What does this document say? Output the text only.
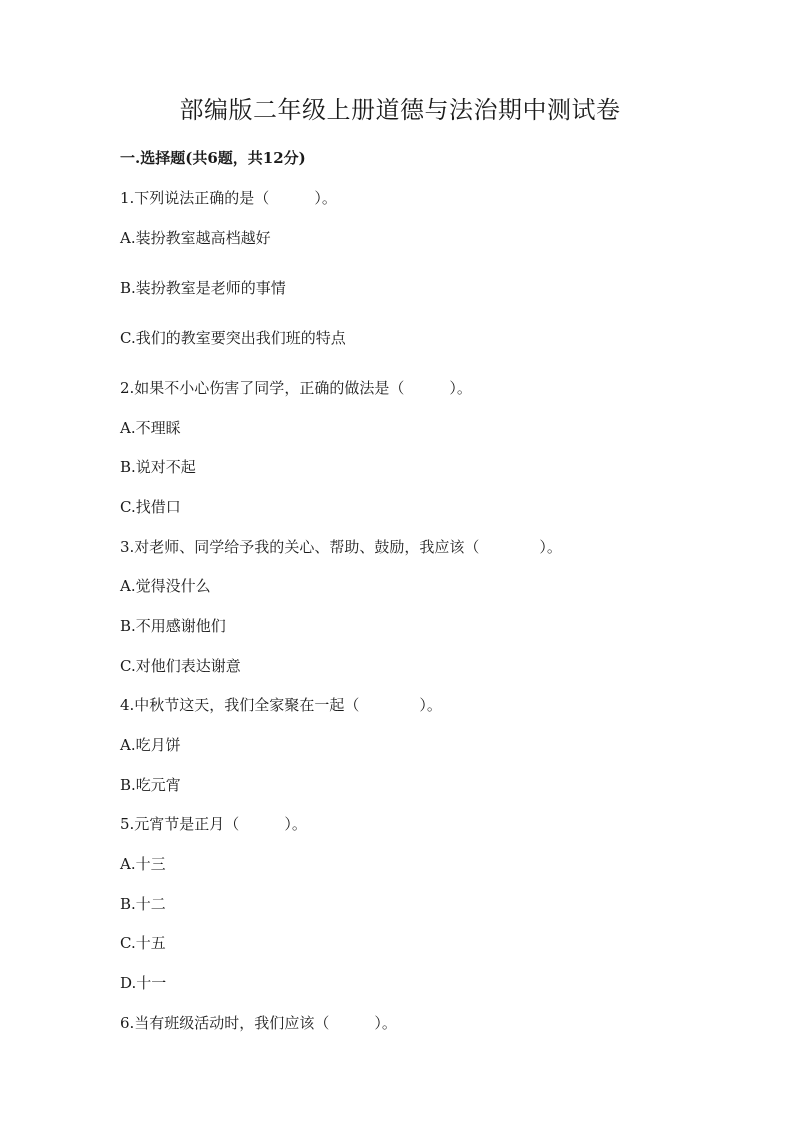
部编版二年级上册道德与法治期中测试卷
一.选择题(共6题，共12分)
1.下列说法正确的是（　　　）。
A.装扮教室越高档越好
B.装扮教室是老师的事情
C.我们的教室要突出我们班的特点
2.如果不小心伤害了同学，正确的做法是（　　　）。
A.不理睬
B.说对不起
C.找借口
3.对老师、同学给予我的关心、帮助、鼓励，我应该（　　　　）。
A.觉得没什么
B.不用感谢他们
C.对他们表达谢意
4.中秋节这天，我们全家聚在一起（　　　　）。
A.吃月饼
B.吃元宵
5.元宵节是正月（　　　）。
A.十三
B.十二
C.十五
D.十一
6.当有班级活动时，我们应该（　　　）。
